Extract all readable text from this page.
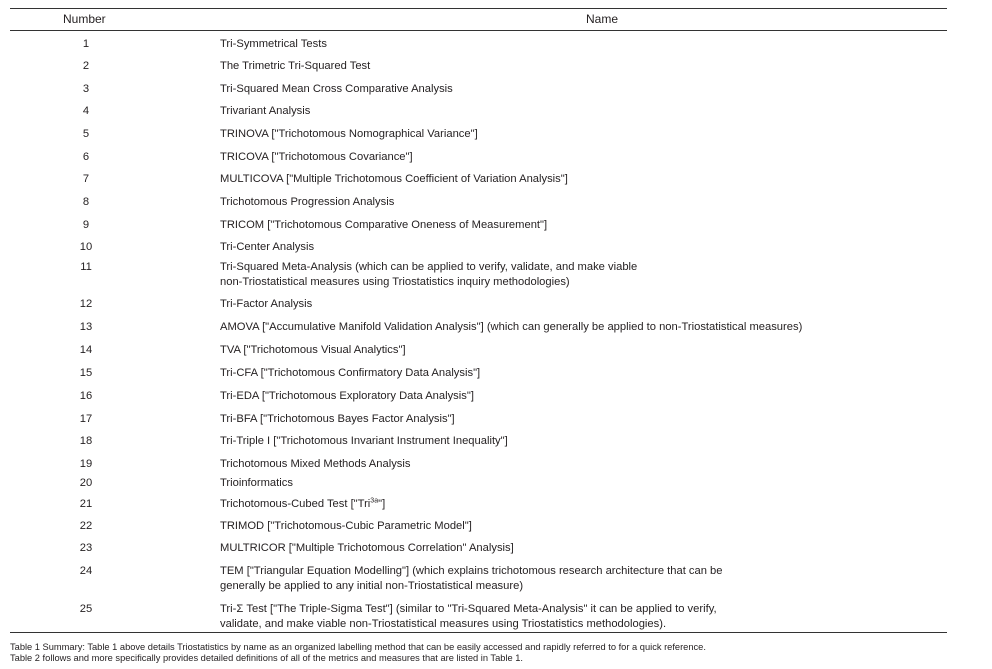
Number	Name
1	Tri-Symmetrical Tests
2	The Trimetric Tri-Squared Test
3	Tri-Squared Mean Cross Comparative Analysis
4	Trivariant Analysis
5	TRINOVA ["Trichotomous Nomographical Variance"]
6	TRICOVA ["Trichotomous Covariance"]
7	MULTICOVA ["Multiple Trichotomous Coefficient of Variation Analysis"]
8	Trichotomous Progression Analysis
9	TRICOM ["Trichotomous Comparative Oneness of Measurement"]
10	Tri-Center Analysis
11	Tri-Squared Meta-Analysis (which can be applied to verify, validate, and make viable
non-Triostatistical measures using Triostatistics inquiry methodologies)
12	Tri-Factor Analysis
13	AMOVA ["Accumulative Manifold Validation Analysis"] (which can generally be applied to non-Triostatistical measures)
14	TVA ["Trichotomous Visual Analytics"]
15	Tri-CFA ["Trichotomous Confirmatory Data Analysis"]
16	Tri-EDA ["Trichotomous Exploratory Data Analysis"]
17	Tri-BFA ["Trichotomous Bayes Factor Analysis"]
18	Tri-Triple I ["Trichotomous Invariant Instrument Inequality"]
19	Trichotomous Mixed Methods Analysis
20	Trioinformatics
21	Trichotomous-Cubed Test ["Tri$^{3a}$"]
22	TRIMOD ["Trichotomous-Cubic Parametric Model"]
23	MULTRICOR ["Multiple Trichotomous Correlation" Analysis]
24	TEM ["Triangular Equation Modelling"] (which explains trichotomous research architecture that can be
generally be applied to any initial non-Triostatistical measure)
25	Tri-Σ Test ["The Triple-Sigma Test"] (similar to "Tri-Squared Meta-Analysis" it can be applied to verify,
validate, and make viable non-Triostatistical measures using Triostatistics methodologies).
Table 1 Summary: Table 1 above details Triostatistics by name as an organized labelling method that can be easily accessed and rapidly referred to for a quick reference.
Table 2 follows and more specifically provides detailed definitions of all of the metrics and measures that are listed in Table 1.
